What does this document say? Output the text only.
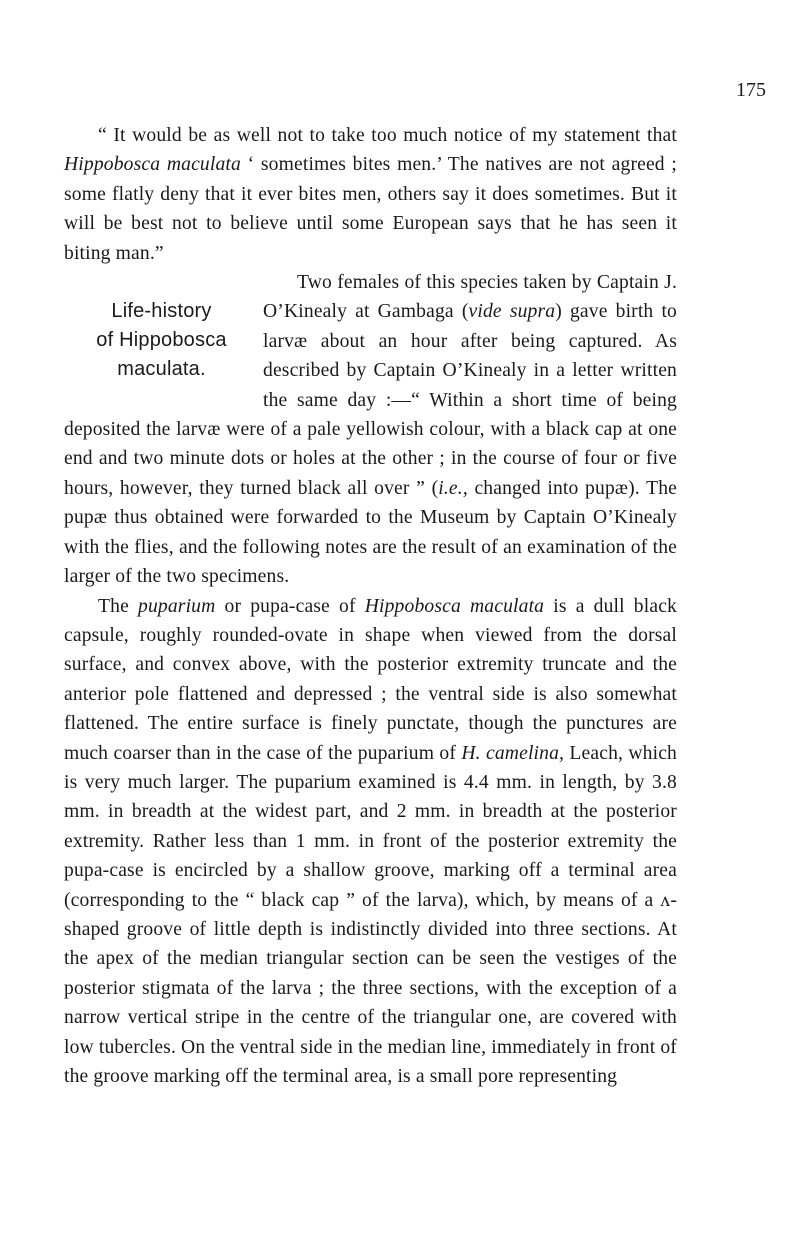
175

“ It would be as well not to take too much notice of my statement that Hippobosca maculata ‘ sometimes bites men.’ The natives are not agreed ; some flatly deny that it ever bites men, others say it does sometimes. But it will be best not to believe until some European says that he has seen it biting man.”

Life-history
of Hippobosca
maculata.

Two females of this species taken by Captain J. O’Kinealy at Gambaga (vide supra) gave birth to larvæ about an hour after being captured. As described by Captain O’Kinealy in a letter written the same day :—“ Within a short time of being deposited the larvæ were of a pale yellowish colour, with a black cap at one end and two minute dots or holes at the other ; in the course of four or five hours, however, they turned black all over ” (i.e., changed into pupæ). The pupæ thus obtained were forwarded to the Museum by Captain O’Kinealy with the flies, and the following notes are the result of an examination of the larger of the two specimens.

The puparium or pupa-case of Hippobosca maculata is a dull black capsule, roughly rounded-ovate in shape when viewed from the dorsal surface, and convex above, with the posterior extremity truncate and the anterior pole flattened and depressed ; the ventral side is also somewhat flattened. The entire surface is finely punctate, though the punctures are much coarser than in the case of the puparium of H. camelina, Leach, which is very much larger. The puparium examined is 4.4 mm. in length, by 3.8 mm. in breadth at the widest part, and 2 mm. in breadth at the posterior extremity. Rather less than 1 mm. in front of the posterior extremity the pupa-case is encircled by a shallow groove, marking off a terminal area (corresponding to the “ black cap ” of the larva), which, by means of a ʌ-shaped groove of little depth is indistinctly divided into three sections. At the apex of the median triangular section can be seen the vestiges of the posterior stigmata of the larva ; the three sections, with the exception of a narrow vertical stripe in the centre of the triangular one, are covered with low tubercles. On the ventral side in the median line, immediately in front of the groove marking off the terminal area, is a small pore representing
